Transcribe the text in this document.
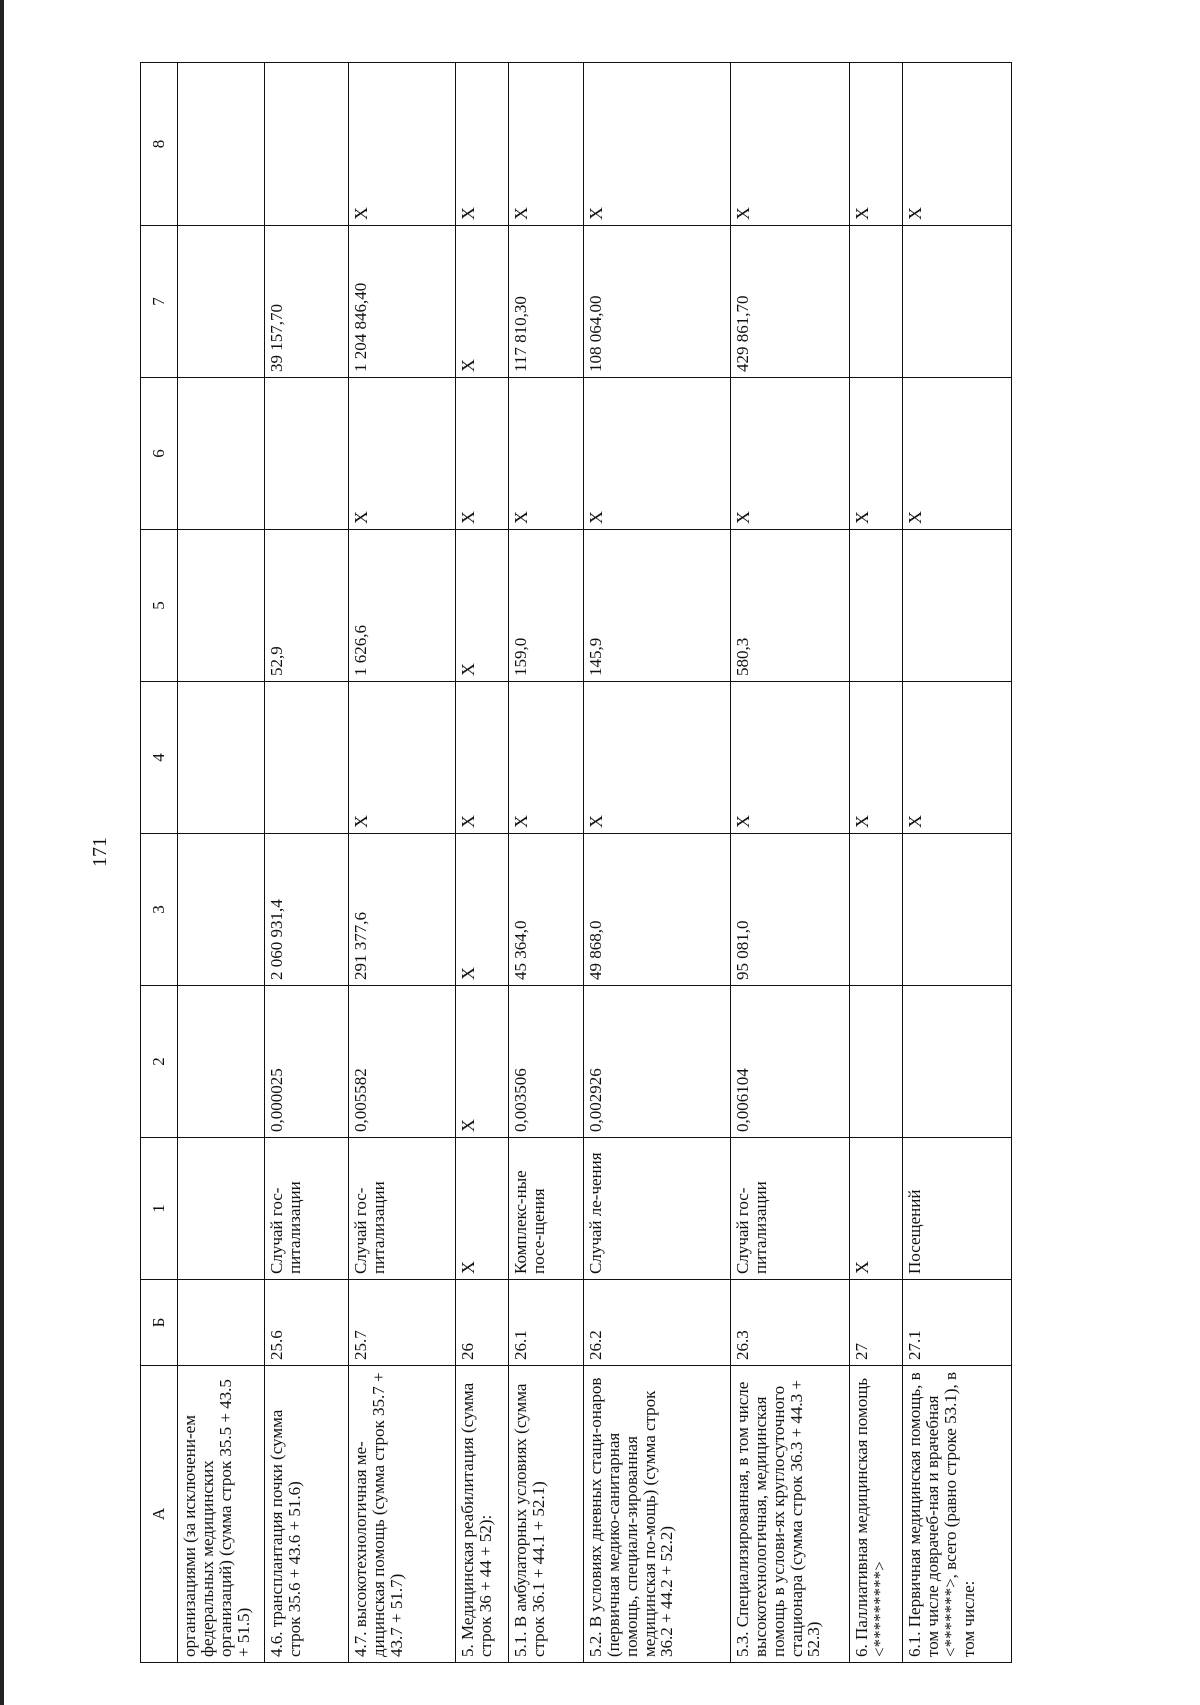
171
А	Б	1	2	3	4	5	6	7	8
организациями (за исключени-ем федеральных медицинских организаций) (сумма строк 35.5 + 43.5 + 51.5)									
4.6. трансплантация почки (сумма строк 35.6 + 43.6 + 51.6)	25.6	Случай гос-питализации	0,000025	2 060 931,4		52,9		39 157,70	
4.7. высокотехнологичная ме-дицинская помощь (сумма строк 35.7 + 43.7 + 51.7)	25.7	Случай гос-питализации	0,005582	291 377,6	X	1 626,6	X	1 204 846,40	X
5. Медицинская реабилитация (сумма строк 36 + 44 + 52):	26	X	X	X	X	X	X	X	X
5.1. В амбулаторных условиях (сумма строк 36.1 + 44.1 + 52.1)	26.1	Комплекс-ные посе-щения	0,003506	45 364,0	X	159,0	X	117 810,30	X
5.2. В условиях дневных стаци-онаров (первичная медико-санитарная помощь, специали-зированная медицинская по-мощь) (сумма строк 36.2 + 44.2 + 52.2)	26.2	Случай ле-чения	0,002926	49 868,0	X	145,9	X	108 064,00	X
5.3. Специализированная, в том числе высокотехнологичная, медицинская помощь в услови-ях круглосуточного стационара (сумма строк 36.3 + 44.3 + 52.3)	26.3	Случай гос-питализации	0,006104	95 081,0	X	580,3	X	429 861,70	X
6. Паллиативная медицинская помощь <*********>	27	X			X		X		X
6.1. Первичная медицинская помощь, в том числе доврачеб-ная и врачебная <*******>, всего (равно строке 53.1), в том числе:	27.1	Посещений			X		X		X
